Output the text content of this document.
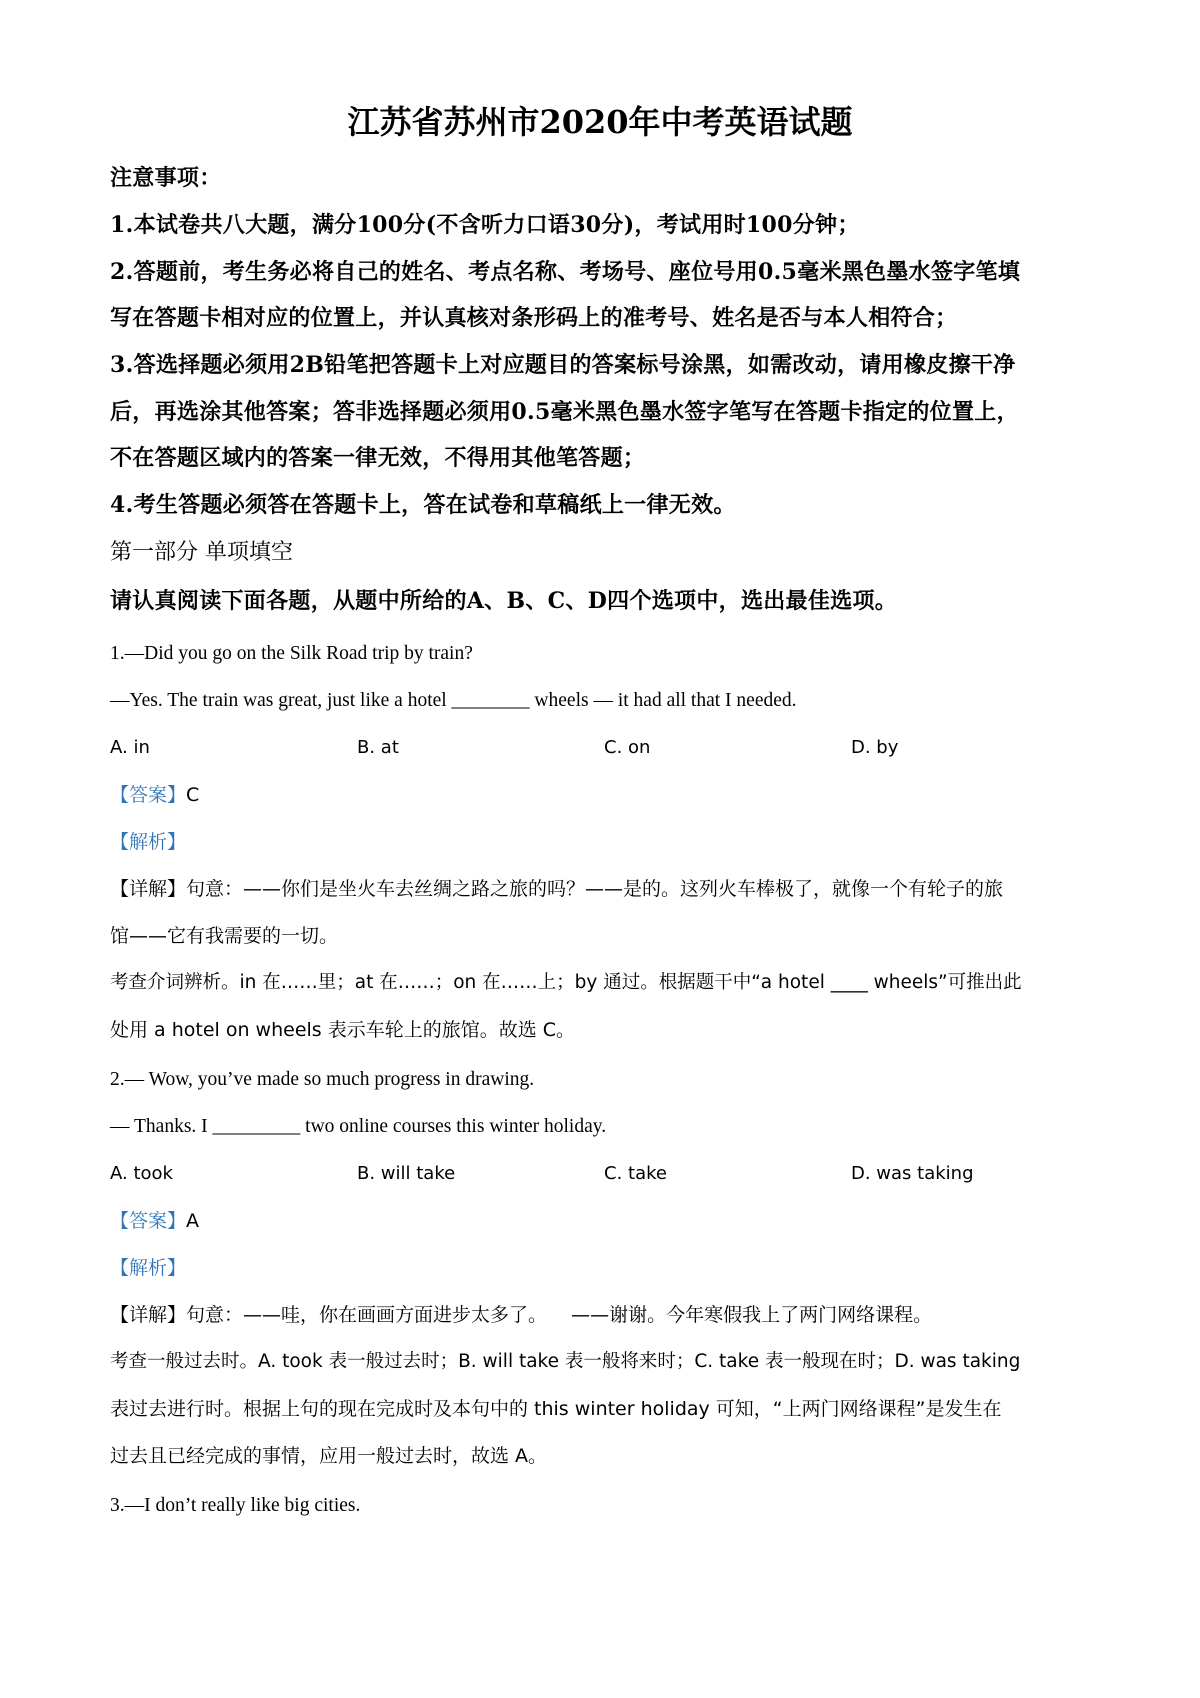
江苏省苏州市2020年中考英语试题
注意事项：
1.本试卷共八大题，满分100分(不含听力口语30分)，考试用时100分钟；
2.答题前，考生务必将自己的姓名、考点名称、考场号、座位号用0.5毫米黑色墨水签字笔填
写在答题卡相对应的位置上，并认真核对条形码上的准考号、姓名是否与本人相符合；
3.答选择题必须用2B铅笔把答题卡上对应题目的答案标号涂黑，如需改动，请用橡皮擦干净
后，再选涂其他答案；答非选择题必须用0.5毫米黑色墨水签字笔写在答题卡指定的位置上，
不在答题区域内的答案一律无效，不得用其他笔答题；
4.考生答题必须答在答题卡上，答在试卷和草稿纸上一律无效。
第一部分 单项填空
请认真阅读下面各题，从题中所给的A、B、C、D四个选项中，选出最佳选项。
1.—Did you go on the Silk Road trip by train?
—Yes. The train was great, just like a hotel ________ wheels — it had all that I needed.
A. in	B. at	C. on	D. by
【答案】C
【解析】
【详解】句意：——你们是坐火车去丝绸之路之旅的吗？——是的。这列火车棒极了，就像一个有轮子的旅
馆——它有我需要的一切。
考查介词辨析。in 在……里；at 在……；on 在……上；by 通过。根据题干中“a hotel ____ wheels”可推出此
处用 a hotel on wheels 表示车轮上的旅馆。故选 C。
2.— Wow, you’ve made so much progress in drawing.
— Thanks. I _________ two online courses this winter holiday.
A. took	B. will take	C. take	D. was taking
【答案】A
【解析】
【详解】句意：——哇，你在画画方面进步太多了。    ——谢谢。今年寒假我上了两门网络课程。
考查一般过去时。A. took 表一般过去时；B. will take 表一般将来时；C. take 表一般现在时；D. was taking
表过去进行时。根据上句的现在完成时及本句中的 this winter holiday 可知，“上两门网络课程”是发生在
过去且已经完成的事情，应用一般过去时，故选 A。
3.—I don’t really like big cities.
